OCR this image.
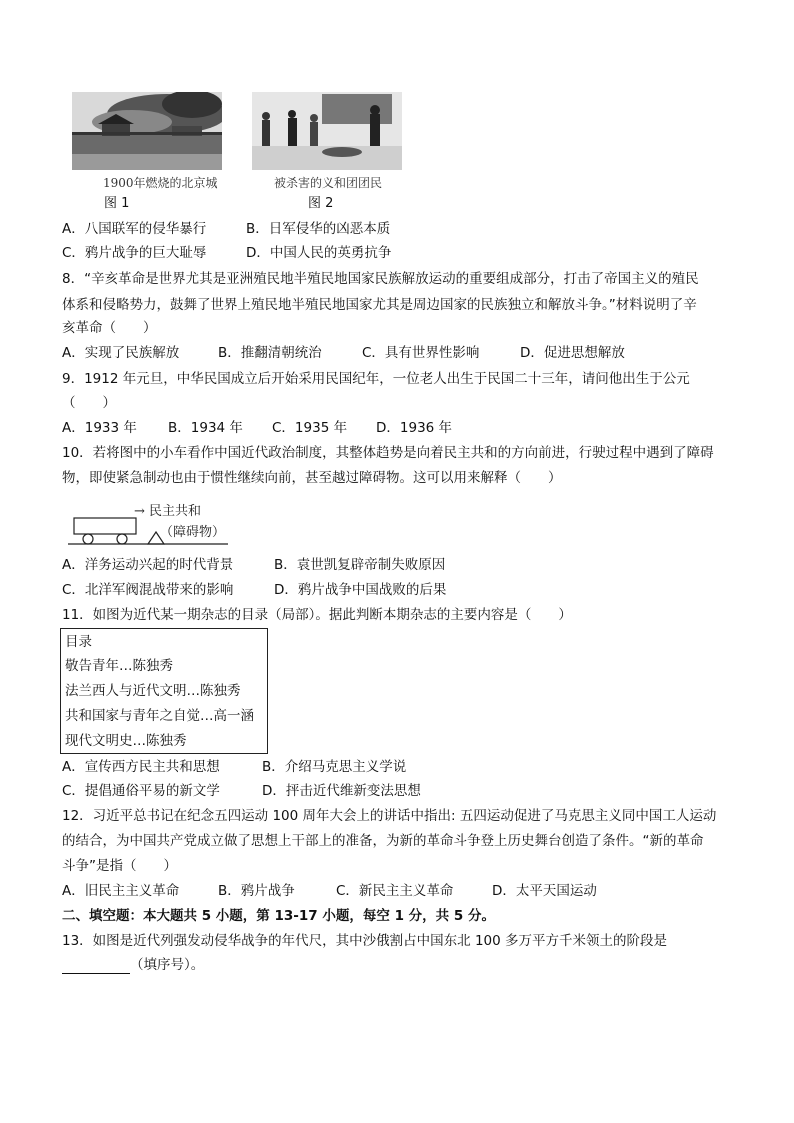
1900年燃烧的北京城
图 1
被杀害的义和团团民
图 2
A．八国联军的侵华暴行	B．日军侵华的凶恶本质
C．鸦片战争的巨大耻辱	D．中国人民的英勇抗争
8．“辛亥革命是世界尤其是亚洲殖民地半殖民地国家民族解放运动的重要组成部分，打击了帝国主义的殖民
体系和侵略势力，鼓舞了世界上殖民地半殖民地国家尤其是周边国家的民族独立和解放斗争。”材料说明了辛
亥革命（　　）
A．实现了民族解放	B．推翻清朝统治	C．具有世界性影响	D．促进思想解放
9．1912 年元旦，中华民国成立后开始采用民国纪年，一位老人出生于民国二十三年，请问他出生于公元
（　　）
A．1933 年 B．1934 年 C．1935 年 D．1936 年
10．若将图中的小车看作中国近代政治制度，其整体趋势是向着民主共和的方向前进，行驶过程中遇到了障碍
物，即使紧急制动也由于惯性继续向前，甚至越过障碍物。这可以用来解释（　　）
→ 民主共和
（障碍物）
A．洋务运动兴起的时代背景	B．袁世凯复辟帝制失败原因
C．北洋军阀混战带来的影响	D．鸦片战争中国战败的后果
11．如图为近代某一期杂志的目录（局部）。据此判断本期杂志的主要内容是（　　）
目录
敬告青年…陈独秀
法兰西人与近代文明…陈独秀
共和国家与青年之自觉…高一涵
现代文明史…陈独秀
A．宣传西方民主共和思想	B．介绍马克思主义学说
C．提倡通俗平易的新文学	D．抨击近代维新变法思想
12．习近平总书记在纪念五四运动 100 周年大会上的讲话中指出: 五四运动促进了马克思主义同中国工人运动
的结合，为中国共产党成立做了思想上干部上的准备，为新的革命斗争登上历史舞台创造了条件。“新的革命
斗争”是指（　　）
A．旧民主主义革命	B．鸦片战争	C．新民主主义革命	D．太平天国运动
二、填空题：本大题共 5 小题，第 13-17 小题，每空 1 分，共 5 分。
13．如图是近代列强发动侵华战争的年代尺，其中沙俄割占中国东北 100 多万平方千米领土的阶段是
（填序号）。
